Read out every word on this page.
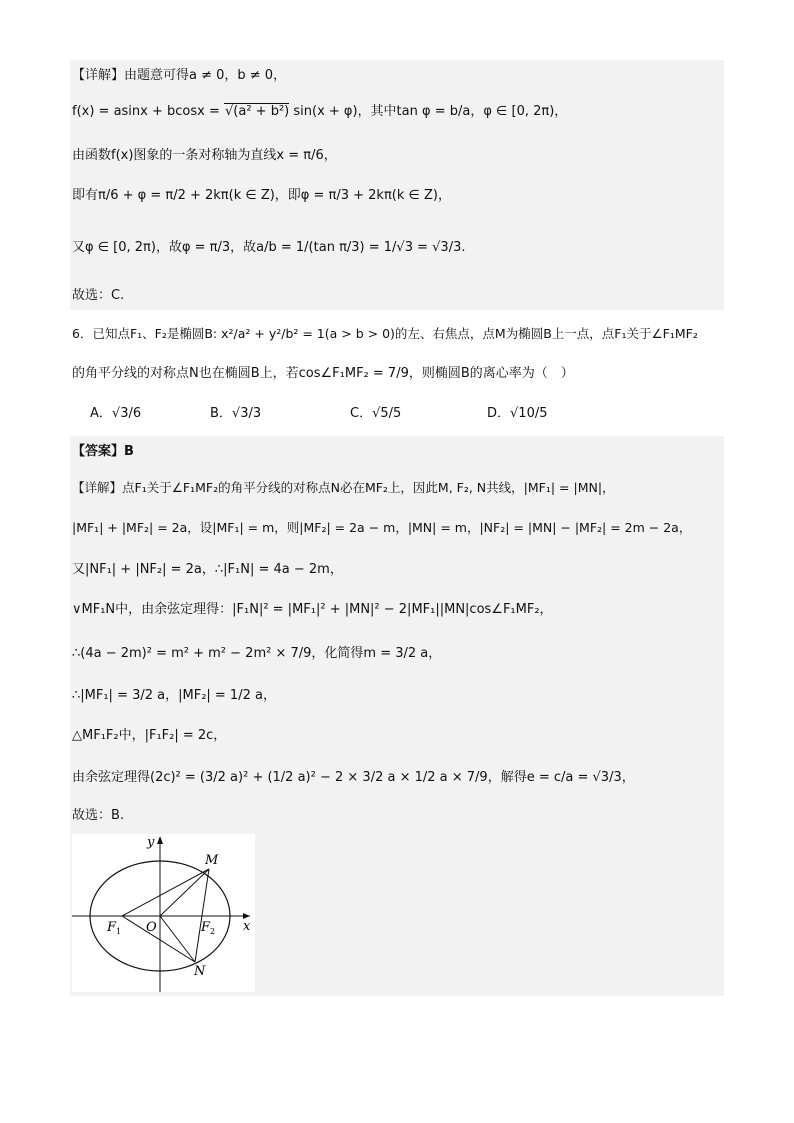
【详解】由题意可得a ≠ 0，b ≠ 0，
f(x) = asinx + bcosx = √(a² + b²) sin(x + φ)，其中tan φ = b/a，φ ∈ [0, 2π)，
由函数f(x)图象的一条对称轴为直线x = π/6，
即有π/6 + φ = π/2 + 2kπ(k ∈ Z)，即φ = π/3 + 2kπ(k ∈ Z)，
又φ ∈ [0, 2π)，故φ = π/3，故a/b = 1/(tan π/3) = 1/√3 = √3/3.
故选：C.
6．已知点F₁、F₂是椭圆B: x²/a² + y²/b² = 1(a > b > 0)的左、右焦点，点M为椭圆B上一点，点F₁关于∠F₁MF₂
的角平分线的对称点N也在椭圆B上，若cos∠F₁MF₂ = 7/9，则椭圆B的离心率为（　）
A．√3/6	B．√3/3	C．√5/5	D．√10/5
【答案】B
【详解】点F₁关于∠F₁MF₂的角平分线的对称点N必在MF₂上，因此M, F₂, N共线，|MF₁| = |MN|，
|MF₁| + |MF₂| = 2a，设|MF₁| = m，则|MF₂| = 2a − m，|MN| = m，|NF₂| = |MN| − |MF₂| = 2m − 2a，
又|NF₁| + |NF₂| = 2a，∴|F₁N| = 4a − 2m，
∨MF₁N中，由余弦定理得：|F₁N|² = |MF₁|² + |MN|² − 2|MF₁||MN|cos∠F₁MF₂，
∴(4a − 2m)² = m² + m² − 2m² × 7/9，化简得m = 3/2 a，
∴|MF₁| = 3/2 a，|MF₂| = 1/2 a，
△MF₁F₂中，|F₁F₂| = 2c，
由余弦定理得(2c)² = (3/2 a)² + (1/2 a)² − 2 × 3/2 a × 1/2 a × 7/9，解得e = c/a = √3/3，
故选：B.
y
x
M
N
O
F 1	F 2
